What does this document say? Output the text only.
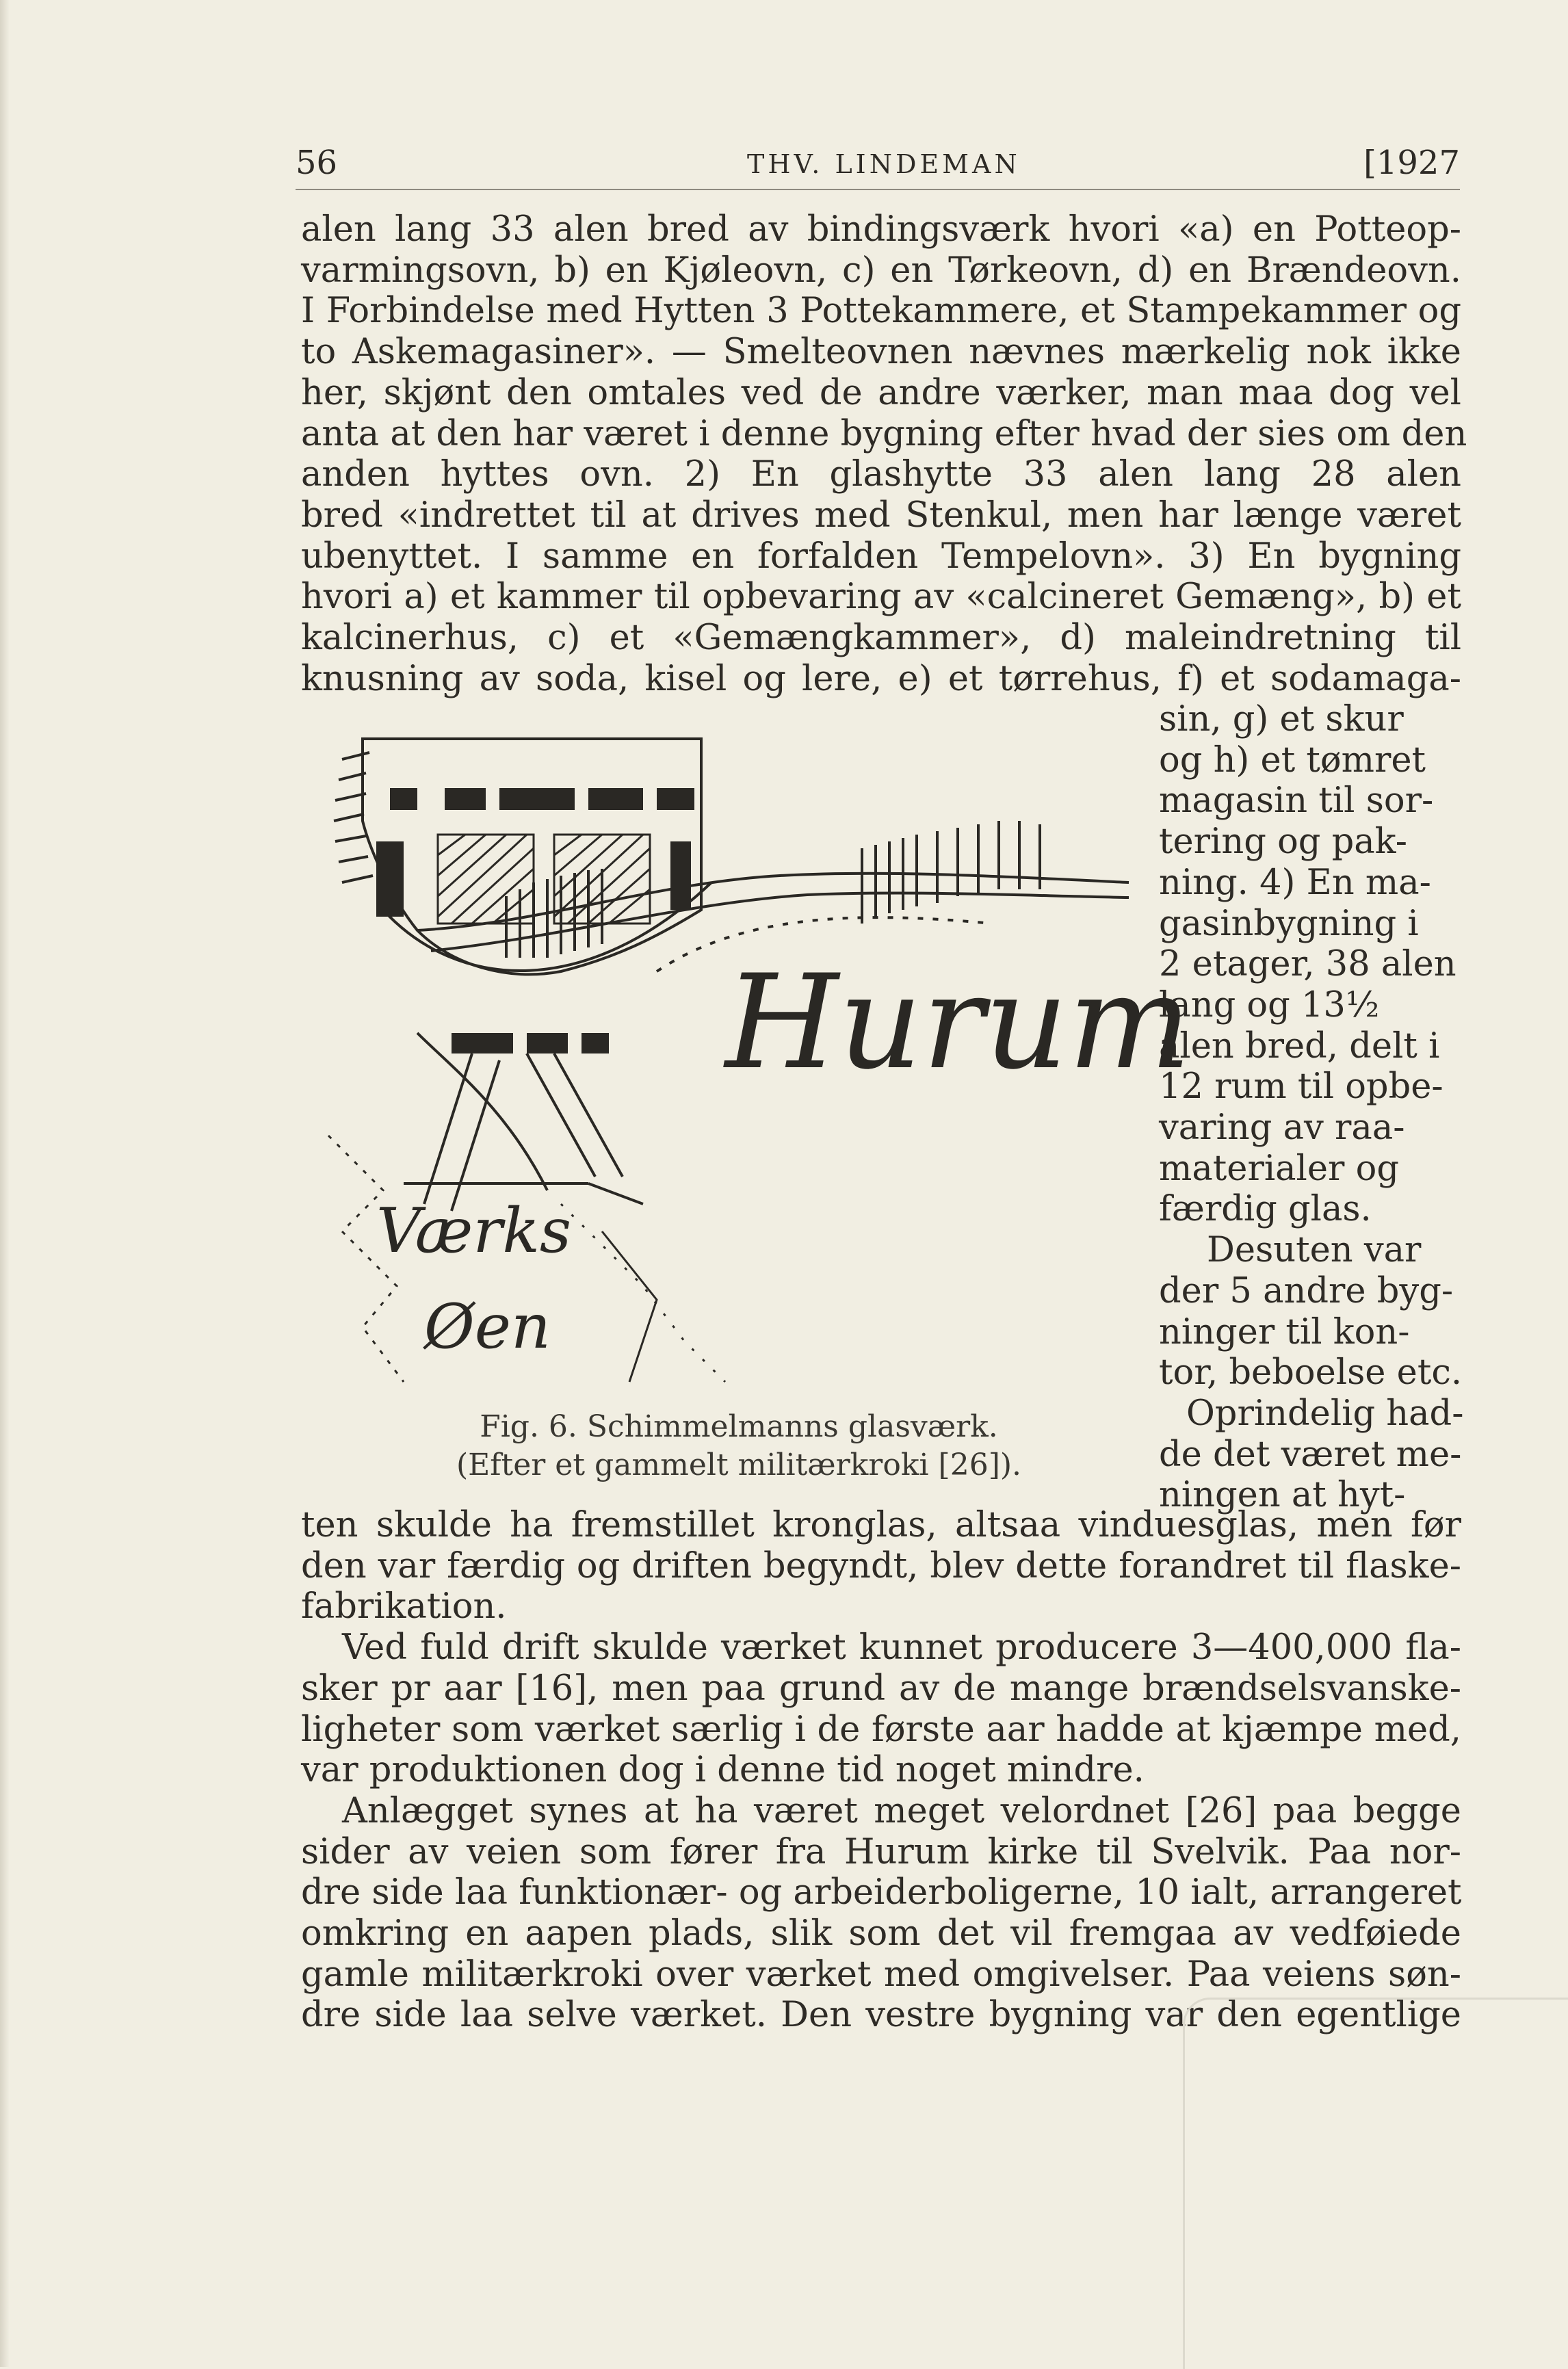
56	THV. LINDEMAN	[1927
alen lang 33 alen bred av bindingsværk hvori «a) en Potteop-
varmingsovn, b) en Kjøleovn, c) en Tørkeovn, d) en Brændeovn.
I Forbindelse med Hytten 3 Pottekammere, et Stampekammer og
to Askemagasiner». — Smelteovnen nævnes mærkelig nok ikke
her, skjønt den omtales ved de andre værker, man maa dog vel
anta at den har været i denne bygning efter hvad der sies om den
anden hyttes ovn. 2) En glashytte 33 alen lang 28 alen
bred «indrettet til at drives med Stenkul, men har længe været
ubenyttet. I samme en forfalden Tempelovn». 3) En bygning
hvori a) et kammer til opbevaring av «calcineret Gemæng», b) et
kalcinerhus, c) et «Gemængkammer», d) maleindretning til
knusning av soda, kisel og lere, e) et tørrehus, f) et sodamaga-
sin, g) et skur
og h) et tømret
magasin til sor-
tering og pak-
ning. 4) En ma-
gasinbygning i
2 etager, 38 alen
lang og 13½
alen bred, delt i
12 rum til opbe-
varing av raa-
materialer og
færdig glas.
Desuten var
der 5 andre byg-
ninger til kon-
tor, beboelse etc.
Oprindelig had-
de det været me-
ningen at hyt-
Hurum
Værks
Øen
Fig. 6. Schimmelmanns glasværk.
(Efter et gammelt militærkroki [26]).
ten skulde ha fremstillet kronglas, altsaa vinduesglas, men før
den var færdig og driften begyndt, blev dette forandret til flaske-
fabrikation.
Ved fuld drift skulde værket kunnet producere 3—400,000 fla-
sker pr aar [16], men paa grund av de mange brændselsvanske-
ligheter som værket særlig i de første aar hadde at kjæmpe med,
var produktionen dog i denne tid noget mindre.
Anlægget synes at ha været meget velordnet [26] paa begge
sider av veien som fører fra Hurum kirke til Svelvik. Paa nor-
dre side laa funktionær- og arbeiderboligerne, 10 ialt, arrangeret
omkring en aapen plads, slik som det vil fremgaa av vedføiede
gamle militærkroki over værket med omgivelser. Paa veiens søn-
dre side laa selve værket. Den vestre bygning var den egentlige
